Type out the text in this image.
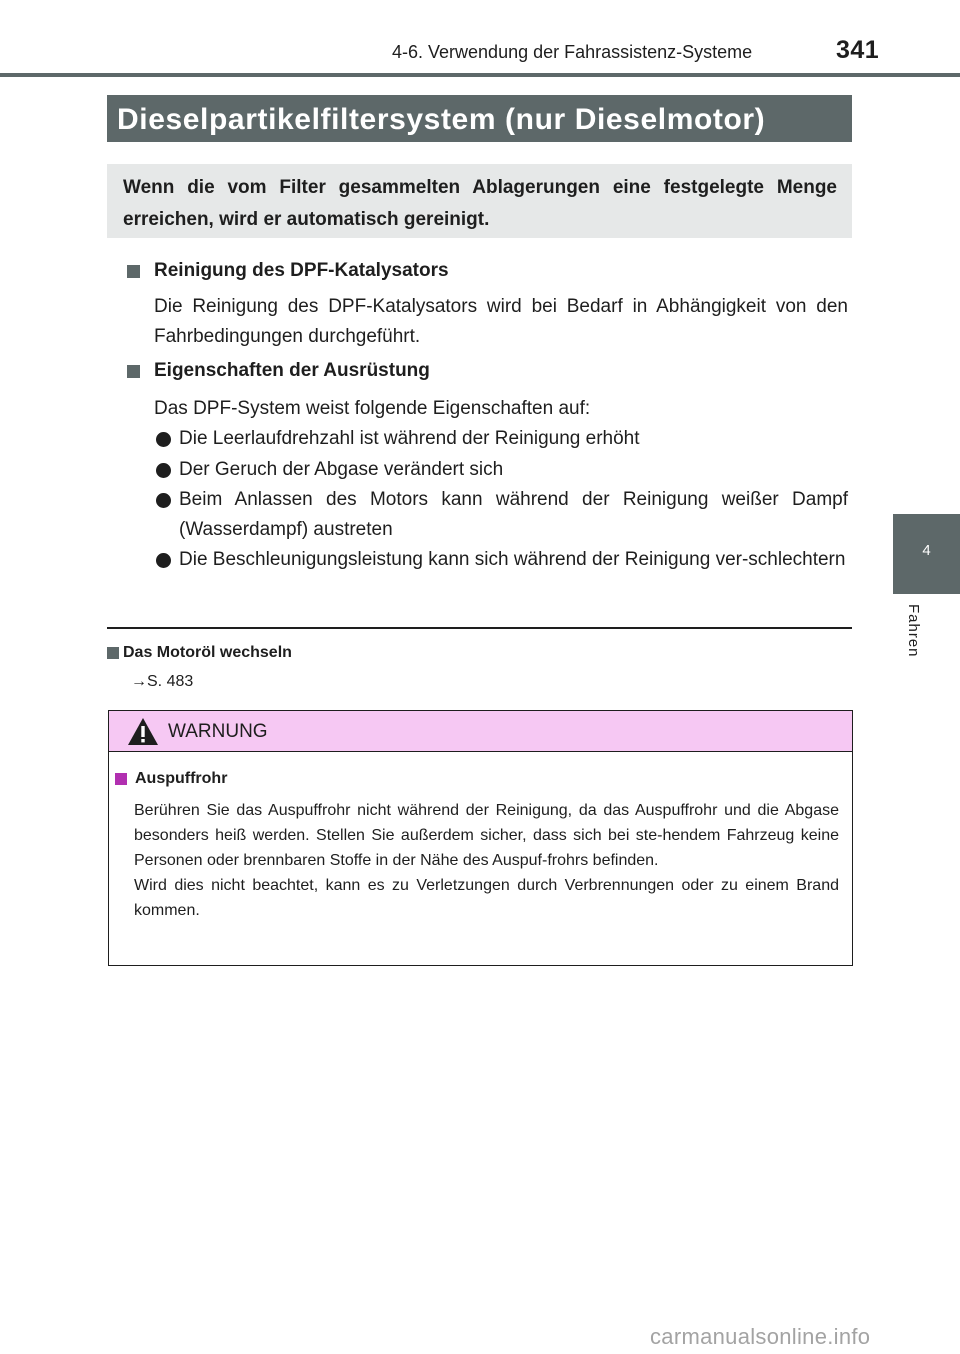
4-6. Verwendung der Fahrassistenz-Systeme	341
4
Fahren
Dieselpartikelfiltersystem (nur Dieselmotor)
Wenn die vom Filter gesammelten Ablagerungen eine festgelegte Menge erreichen, wird er automatisch gereinigt.
Reinigung des DPF-Katalysators
Die Reinigung des DPF-Katalysators wird bei Bedarf in Abhängigkeit von den Fahrbedingungen durchgeführt.
Eigenschaften der Ausrüstung
Das DPF-System weist folgende Eigenschaften auf:
Die Leerlaufdrehzahl ist während der Reinigung erhöht
Der Geruch der Abgase verändert sich
Beim Anlassen des Motors kann während der Reinigung weißer Dampf (Wasserdampf) austreten
Die Beschleunigungsleistung kann sich während der Reinigung ver-schlechtern
Das Motoröl wechseln
→S. 483
WARNUNG
Auspuffrohr

Berühren Sie das Auspuffrohr nicht während der Reinigung, da das Auspuffrohr und die Abgase besonders heiß werden. Stellen Sie außerdem sicher, dass sich bei ste-hendem Fahrzeug keine Personen oder brennbaren Stoffe in der Nähe des Auspuf-frohrs befinden.

Wird dies nicht beachtet, kann es zu Verletzungen durch Verbrennungen oder zu einem Brand kommen.

carmanualsonline.info
